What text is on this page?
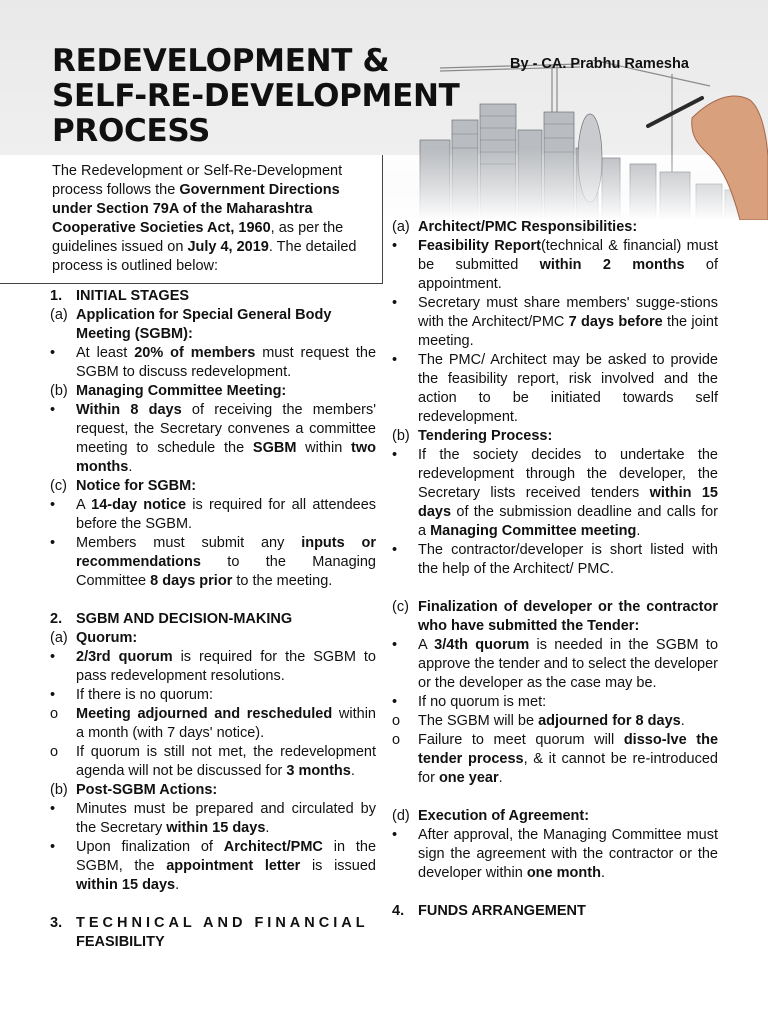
REDEVELOPMENT &
SELF-RE-DEVELOPMENT
PROCESS
By - CA. Prabhu Ramesha

The Redevelopment or Self-Re-Development process follows the Government Directions under Section 79A of the Maharashtra Cooperative Societies Act, 1960, as per the guidelines issued on July 4, 2019. The detailed process is outlined below:

1. INITIAL STAGES
(a) Application for Special General Body Meeting (SGBM):
•	At least 20% of members must request the SGBM to discuss redevelopment.
(b) Managing Committee Meeting:
•	Within 8 days of receiving the members' request, the Secretary convenes a committee meeting to schedule the SGBM within two months.
(c) Notice for SGBM:
•	A 14-day notice is required for all attendees before the SGBM.
•	Members must submit any inputs or recommendations to the Managing Committee 8 days prior to the meeting.
2. SGBM AND DECISION-MAKING
(a) Quorum:
•	2/3rd quorum is required for the SGBM to pass redevelopment resolutions.
•	If there is no quorum:
o	Meeting adjourned and rescheduled within a month (with 7 days' notice).
o	If quorum is still not met, the redevelopment agenda will not be discussed for 3 months.
(b) Post-SGBM Actions:
•	Minutes must be prepared and circulated by the Secretary within 15 days.
•	Upon finalization of Architect/PMC in the SGBM, the appointment letter is issued within 15 days.
3. TECHNICAL AND FINANCIAL
FEASIBILITY
(a) Architect/PMC Responsibilities:
•	Feasibility Report(technical & financial) must be submitted within 2 months of appointment.
•	Secretary must share members' sugge-stions with the Architect/PMC 7 days before the joint meeting.
•	The PMC/ Architect may be asked to provide the feasibility report, risk involved and the action to be initiated towards self redevelopment.
(b) Tendering Process:
•	If the society decides to undertake the redevelopment through the developer, the Secretary lists received tenders within 15 days of the submission deadline and calls for a Managing Committee meeting.
•	The contractor/developer is short listed with the help of the Architect/ PMC.
(c) Finalization of developer or the contractor who have submitted the Tender:
•	A 3/4th quorum is needed in the SGBM to approve the tender and to select the developer or the developer as the case may be.
•	If no quorum is met:
o	The SGBM will be adjourned for 8 days.
o	Failure to meet quorum will disso-lve the tender process, & it cannot be re-introduced for one year.
(d) Execution of Agreement:
•	After approval, the Managing Committee must sign the agreement with the contractor or the developer within one month.
4. FUNDS ARRANGEMENT
